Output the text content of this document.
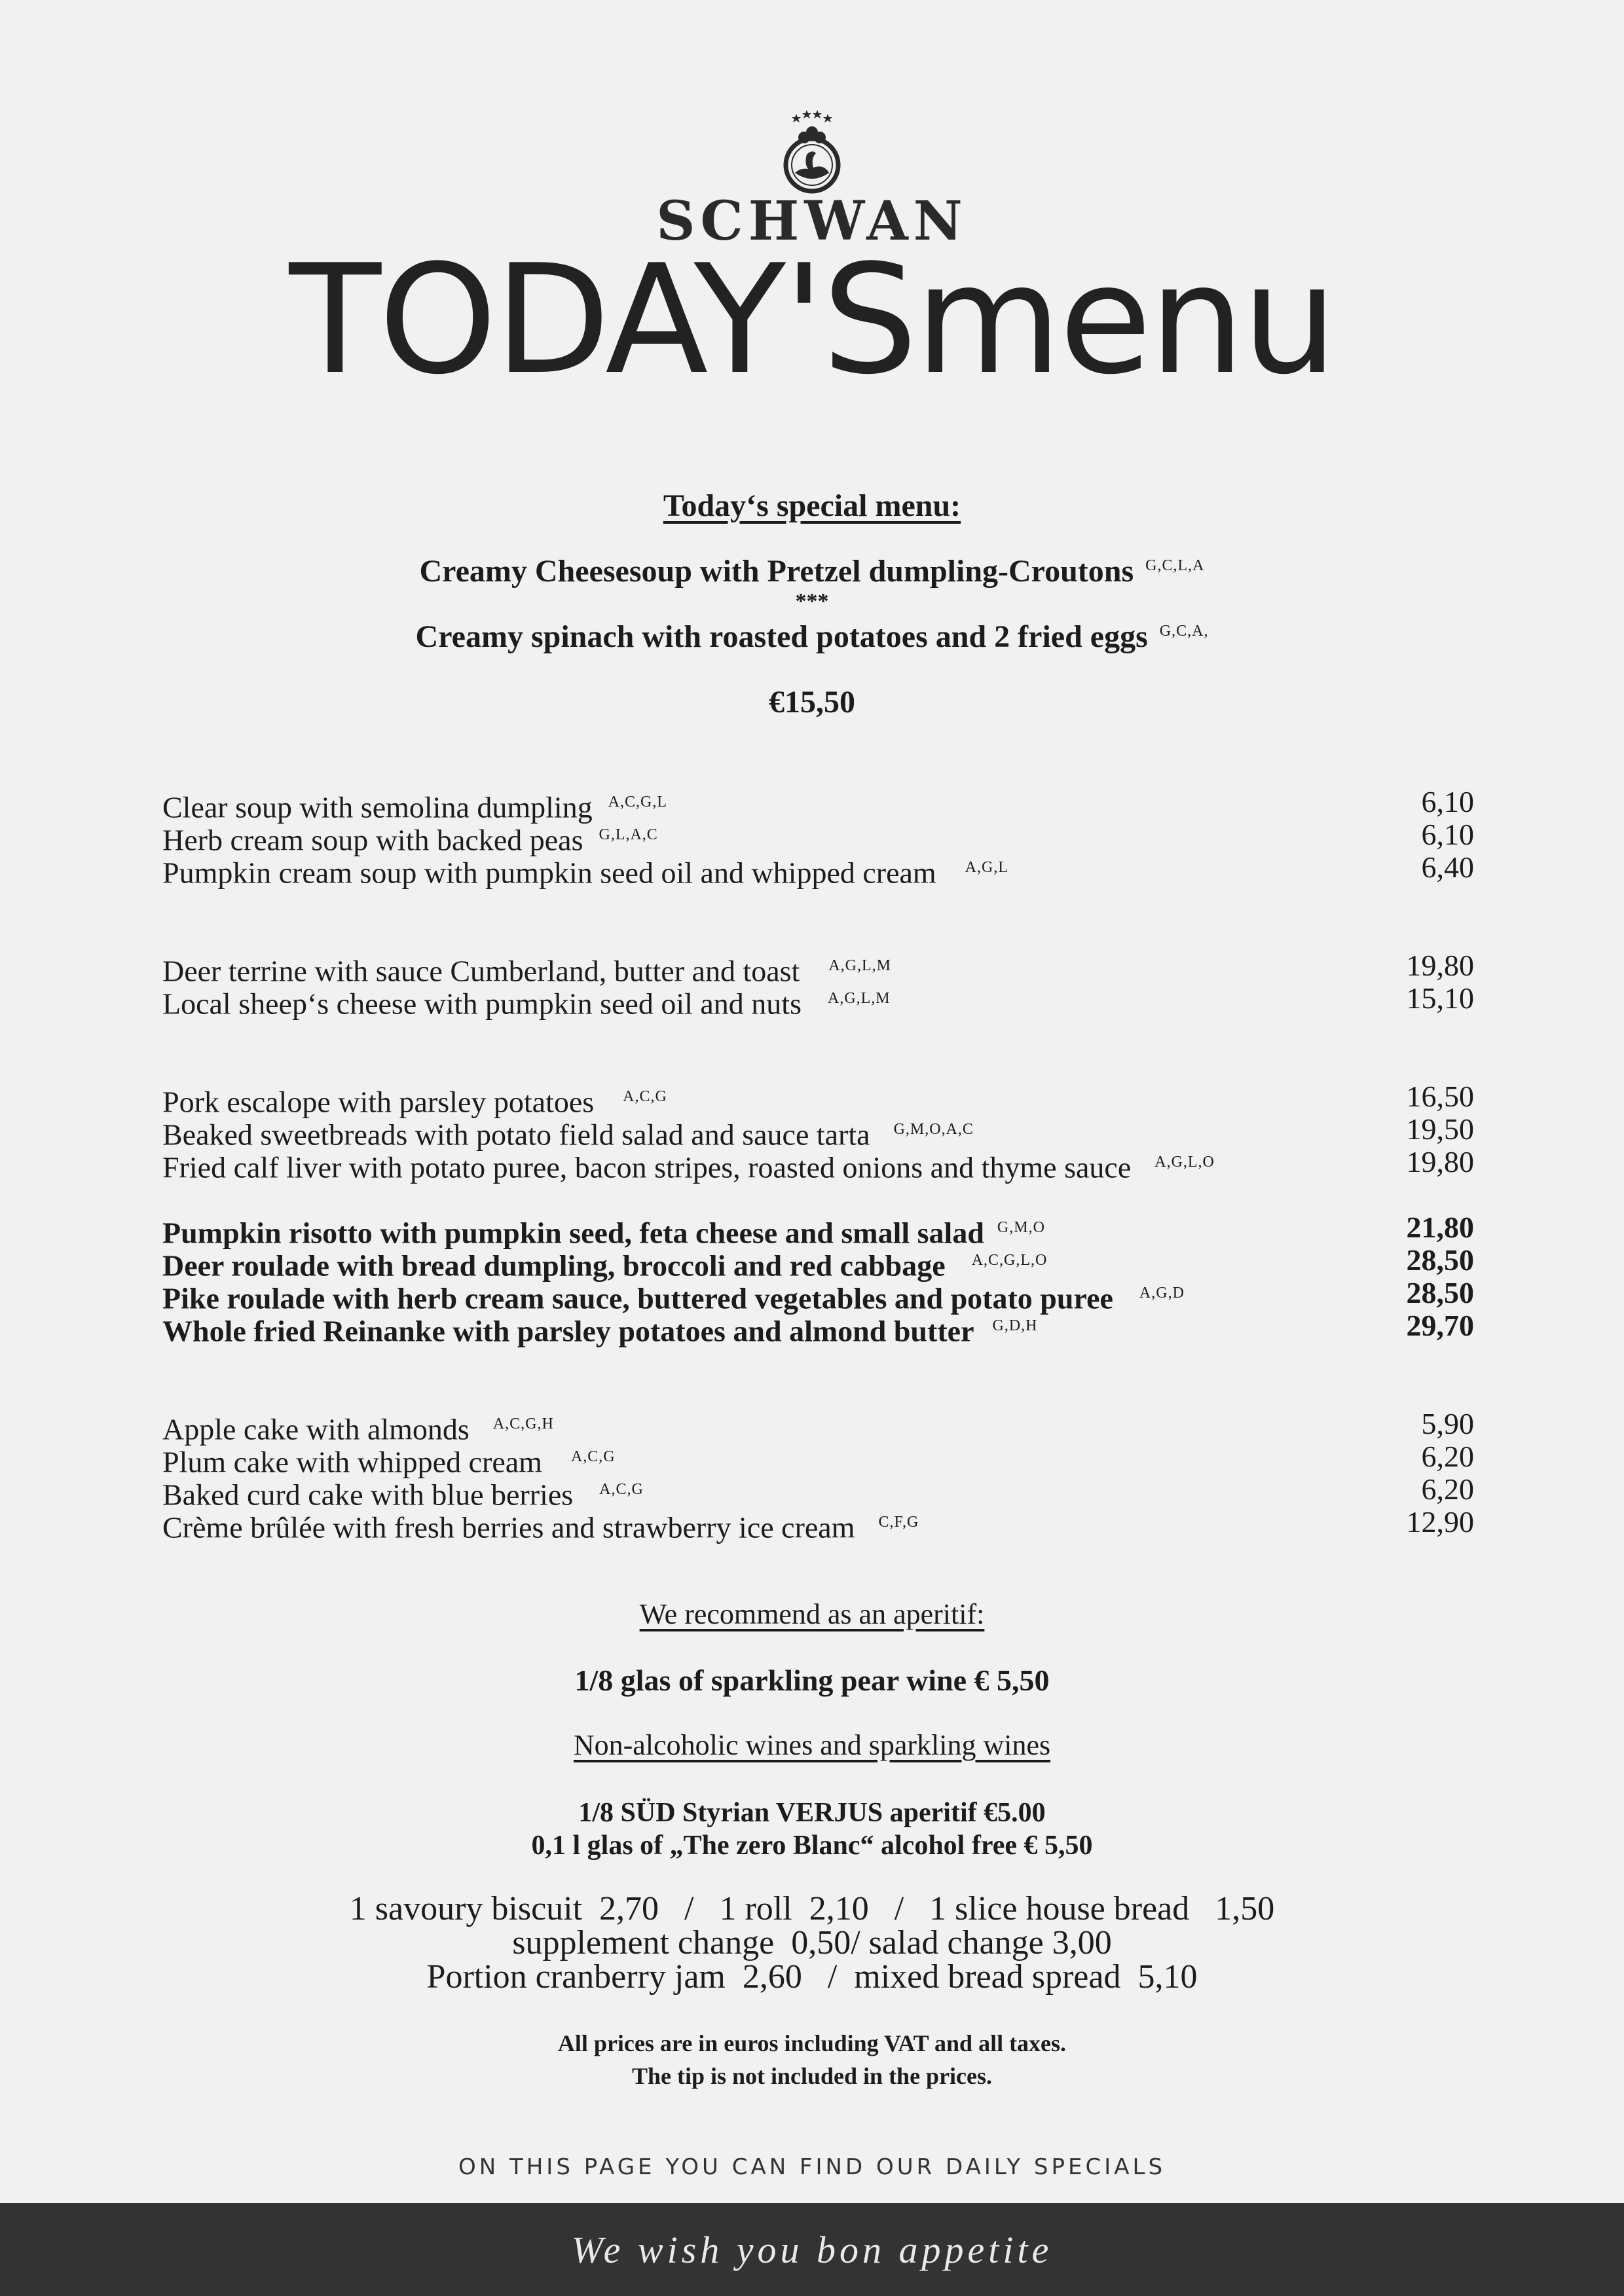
SCHWAN
TODAY'Smenu
Today‘s special menu:
Creamy Cheesesoup with Pretzel dumpling-Croutons $^{G,C,L,A}$
***
Creamy spinach with roasted potatoes and 2 fried eggs $^{G,C,A,}$
€15,50
Clear soup with semolina dumpling $^{A,C,G,L}$	6,10
Herb cream soup with backed peas $^{G,L,A,C}$	6,10
Pumpkin cream soup with pumpkin seed oil and whipped cream $^{A,G,L}$	6,40
Deer terrine with sauce Cumberland, butter and toast $^{A,G,L,M}$	19,80
Local sheep‘s cheese with pumpkin seed oil and nuts $^{A,G,L,M}$	15,10
Pork escalope with parsley potatoes $^{A,C,G}$	16,50
Beaked sweetbreads with potato field salad and sauce tarta $^{G,M,O,A,C}$	19,50
Fried calf liver with potato puree, bacon stripes, roasted onions and thyme sauce $^{A,G,L,O}$	19,80
Pumpkin risotto with pumpkin seed, feta cheese and small salad $^{G,M,O}$	21,80
Deer roulade with bread dumpling, broccoli and red cabbage $^{A,C,G,L,O}$	28,50
Pike roulade with herb cream sauce, buttered vegetables and potato puree $^{A,G,D}$	28,50
Whole fried Reinanke with parsley potatoes and almond butter $^{G,D,H}$	29,70
Apple cake with almonds $^{A,C,G,H}$	5,90
Plum cake with whipped cream $^{A,C,G}$	6,20
Baked curd cake with blue berries $^{A,C,G}$	6,20
Crème brûlée with fresh berries and strawberry ice cream $^{C,F,G}$	12,90
We recommend as an aperitif:
1/8 glas of sparkling pear wine € 5,50
Non-alcoholic wines and sparkling wines
1/8 SÜD Styrian VERJUS aperitif €5.00
0,1 l glas of „The zero Blanc“ alcohol free € 5,50
1 savoury biscuit  2,70   /   1 roll  2,10   /   1 slice house bread   1,50
supplement change  0,50/ salad change 3,00
Portion cranberry jam  2,60   /  mixed bread spread  5,10
All prices are in euros including VAT and all taxes.
The tip is not included in the prices.
ON THIS PAGE YOU CAN FIND OUR DAILY SPECIALS
We wish you bon appetite
